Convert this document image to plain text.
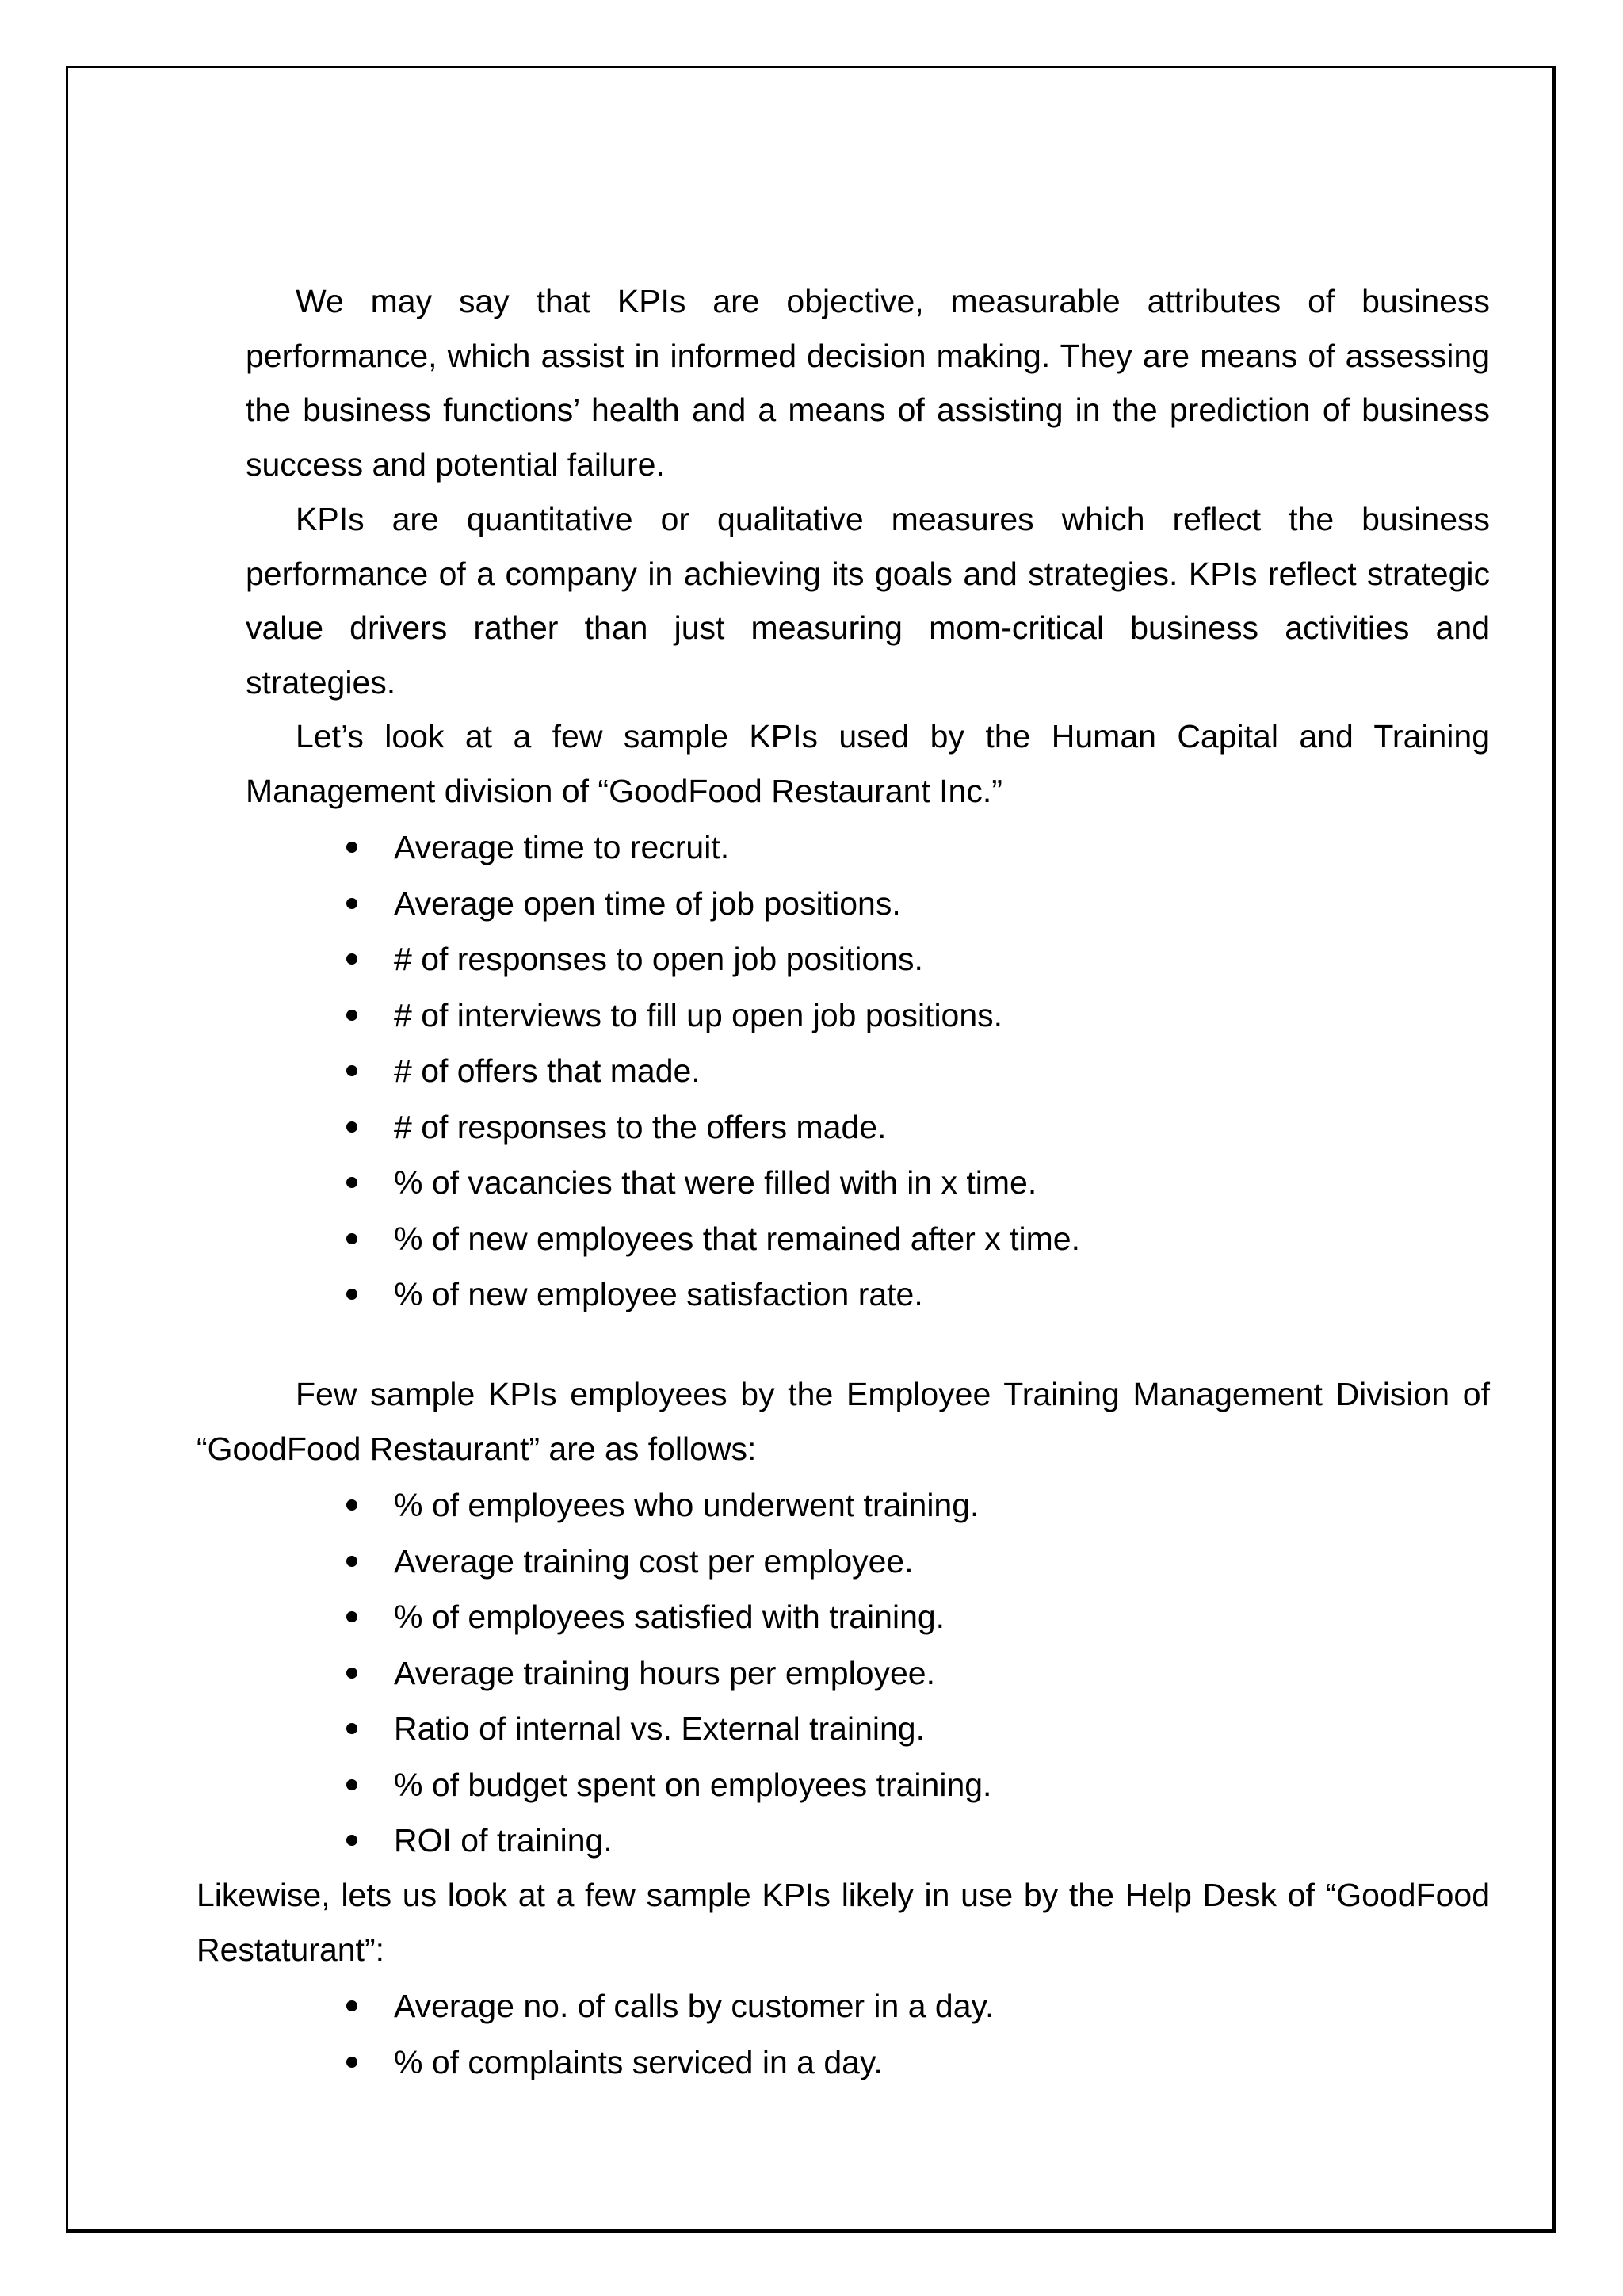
We may say that KPIs are objective, measurable attributes of business performance, which assist in informed decision making. They are means of assessing the business functions’ health and a means of assisting in the prediction of business success and potential failure.

KPIs are quantitative or qualitative measures which reflect the business performance of a company in achieving its goals and strategies. KPIs reflect strategic value drivers rather than just measuring mom-critical business activities and strategies.

Let’s look at a few sample KPIs used by the Human Capital and Training Management division of “GoodFood Restaurant Inc.”

Average time to recruit.
Average open time of job positions.
# of responses to open job positions.
# of interviews to fill up open job positions.
# of offers that made.
# of responses to the offers made.
% of vacancies that were filled with in x time.
% of new employees that remained after x time.
% of new employee satisfaction rate.

Few sample KPIs employees by the Employee Training Management Division of “GoodFood Restaurant” are as follows:

% of employees who underwent training.
Average training cost per employee.
% of employees satisfied with training.
Average training hours per employee.
Ratio of internal vs. External training.
% of budget spent on employees training.
ROI of training.

Likewise, lets us look at a few sample KPIs likely in use by the Help Desk of “GoodFood Restaturant”:

Average no. of calls by customer in a day.
% of complaints serviced in a day.
